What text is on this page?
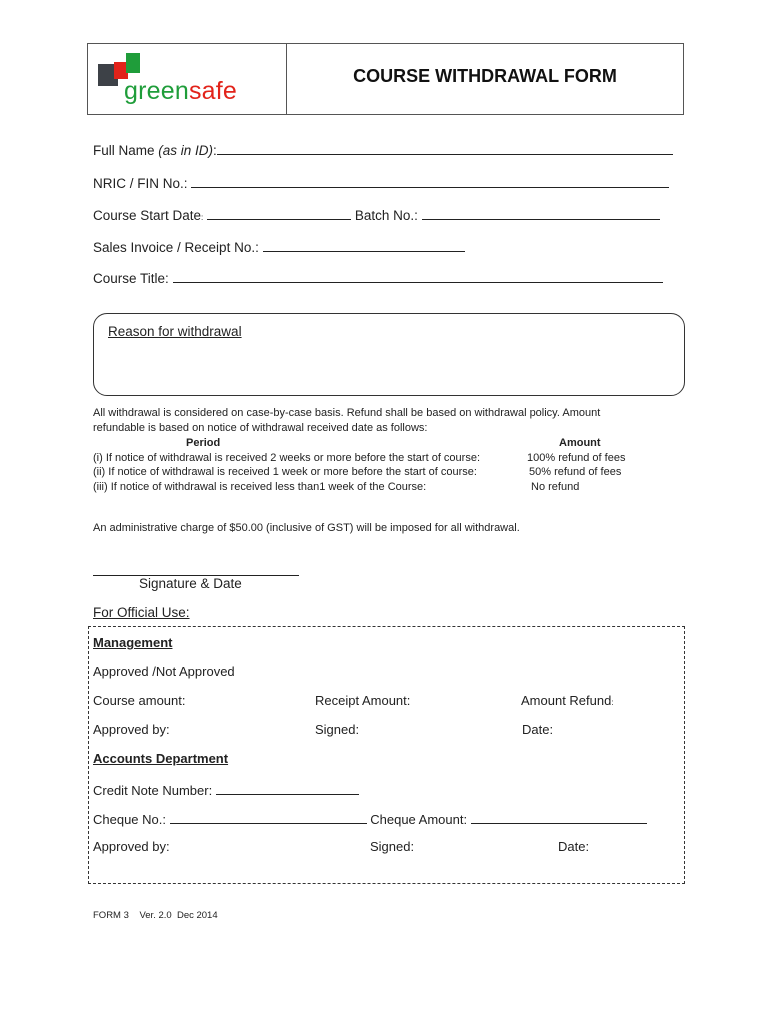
greensafe
COURSE WITHDRAWAL FORM
Full Name (as in ID):
NRIC / FIN No.:
Course Start Date:	Batch No.:
Sales Invoice / Receipt No.:
Course Title:
Reason for withdrawal
All withdrawal is considered on case-by-case basis. Refund shall be based on withdrawal policy. Amount
refundable is based on notice of withdrawal received date as follows:
Period	Amount
(i) If notice of withdrawal is received 2 weeks or more before the start of course:	100% refund of fees
(ii) If notice of withdrawal is received 1 week or more before the start of course:	50% refund of fees
(iii) If notice of withdrawal is received less than1 week of the Course:	No refund
An administrative charge of $50.00 (inclusive of GST) will be imposed for all withdrawal.
Signature & Date
For Official Use:
Management
Approved /Not Approved
Course amount:	Receipt Amount:	Amount Refund:
Approved by:	Signed:	Date:
Accounts Department
Credit Note Number:
Cheque No.:	Cheque Amount:
Approved by:	Signed:	Date:
FORM 3 Ver. 2.0  Dec 2014
